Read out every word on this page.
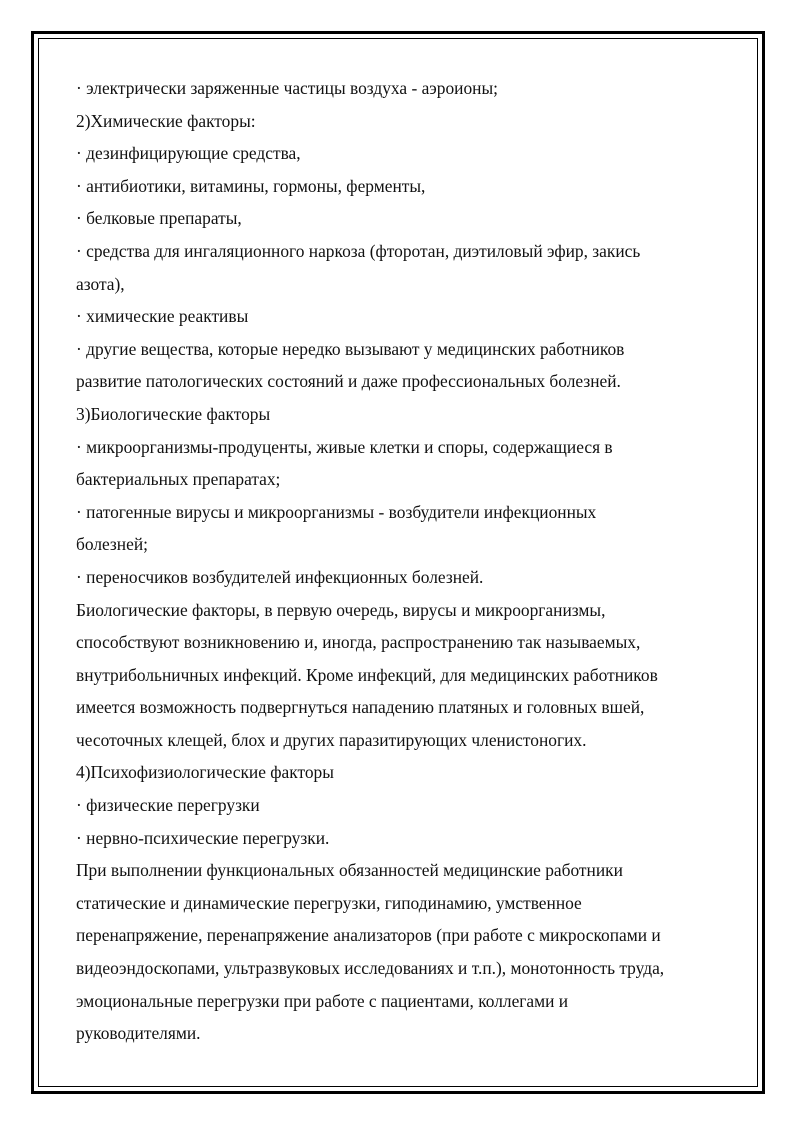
· электрически заряженные частицы воздуха - аэроионы;
2)Химические факторы:
· дезинфицирующие средства,
· антибиотики, витамины, гормоны, ферменты,
· белковые препараты,
· средства для ингаляционного наркоза (фторотан, диэтиловый эфир, закись
азота),
· химические реактивы
· другие вещества, которые нередко вызывают у медицинских работников
развитие патологических состояний и даже профессиональных болезней.
3)Биологические факторы
· микроорганизмы-продуценты, живые клетки и споры, содержащиеся в
бактериальных препаратах;
· патогенные вирусы и микроорганизмы - возбудители инфекционных
болезней;
· переносчиков возбудителей инфекционных болезней.
Биологические факторы, в первую очередь, вирусы и микроорганизмы,
способствуют возникновению и, иногда, распространению так называемых,
внутрибольничных инфекций. Кроме инфекций, для медицинских работников
имеется возможность подвергнуться нападению платяных и головных вшей,
чесоточных клещей, блох и других паразитирующих членистоногих.
4)Психофизиологические факторы
· физические перегрузки
· нервно-психические перегрузки.
При выполнении функциональных обязанностей медицинские работники
статические и динамические перегрузки, гиподинамию, умственное
перенапряжение, перенапряжение анализаторов (при работе с микроскопами и
видеоэндоскопами, ультразвуковых исследованиях и т.п.), монотонность труда,
эмоциональные перегрузки при работе с пациентами, коллегами и
руководителями.
